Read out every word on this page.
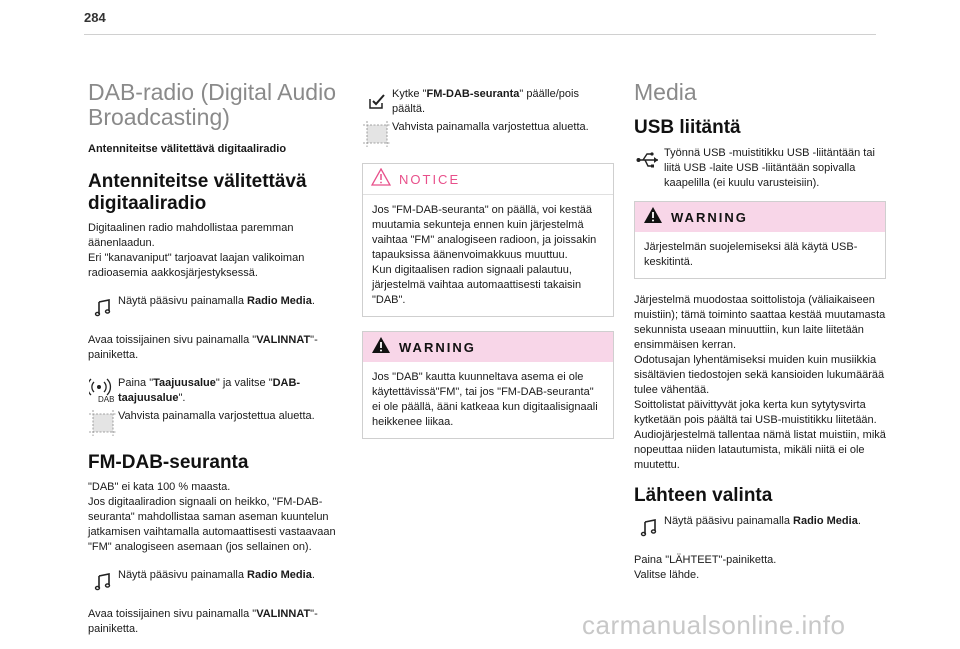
284
DAB-radio (Digital Audio Broadcasting)
Antenniteitse välitettävä digitaaliradio
Antenniteitse välitettävä digitaaliradio
Digitaalinen radio mahdollistaa paremman äänenlaadun.
Eri "kanavaniput" tarjoavat laajan valikoiman radioasemia aakkosjärjestyksessä.
Näytä pääsivu painamalla Radio Media.
Avaa toissijainen sivu painamalla "VALINNAT"-painiketta.
DAB
Paina "Taajuusalue" ja valitse "DAB-taajuusalue".
Vahvista painamalla varjostettua aluetta.
FM-DAB-seuranta
"DAB" ei kata 100 % maasta.
Jos digitaaliradion signaali on heikko, "FM-DAB-seuranta" mahdollistaa saman aseman kuuntelun jatkamisen vaihtamalla automaattisesti vastaavaan "FM" analogiseen asemaan (jos sellainen on).
Näytä pääsivu painamalla Radio Media.
Avaa toissijainen sivu painamalla "VALINNAT"-painiketta.
Kytke "FM-DAB-seuranta" päälle/pois päältä.
Vahvista painamalla varjostettua aluetta.
NOTICE
Jos "FM-DAB-seuranta" on päällä, voi kestää muutamia sekunteja ennen kuin järjestelmä vaihtaa "FM" analogiseen radioon, ja joissakin tapauksissa äänenvoimakkuus muuttuu.
Kun digitaalisen radion signaali palautuu, järjestelmä vaihtaa automaattisesti takaisin "DAB".
WARNING
Jos "DAB" kautta kuunneltava asema ei ole käytettävissä"FM", tai jos "FM-DAB-seuranta" ei ole päällä, ääni katkeaa kun digitaalisignaali heikkenee liikaa.
Media
USB liitäntä
Työnnä USB -muistitikku USB -liitäntään tai liitä USB -laite USB -liitäntään sopivalla kaapelilla (ei kuulu varusteisiin).
WARNING
Järjestelmän suojelemiseksi älä käytä USB-keskitintä.
Järjestelmä muodostaa soittolistoja (väliaikaiseen muistiin); tämä toiminto saattaa kestää muutamasta sekunnista useaan minuuttiin, kun laite liitetään ensimmäisen kerran.
Odotusajan lyhentämiseksi muiden kuin musiikkia sisältävien tiedostojen sekä kansioiden lukumäärää tulee vähentää.
Soittolistat päivittyvät joka kerta kun sytytysvirta kytketään pois päältä tai USB-muistitikku liitetään. Audiojärjestelmä tallentaa nämä listat muistiin, mikä nopeuttaa niiden latautumista, mikäli niitä ei ole muutettu.
Lähteen valinta
Näytä pääsivu painamalla Radio Media.
Paina "LÄHTEET"-painiketta.
Valitse lähde.
carmanualsonline.info
